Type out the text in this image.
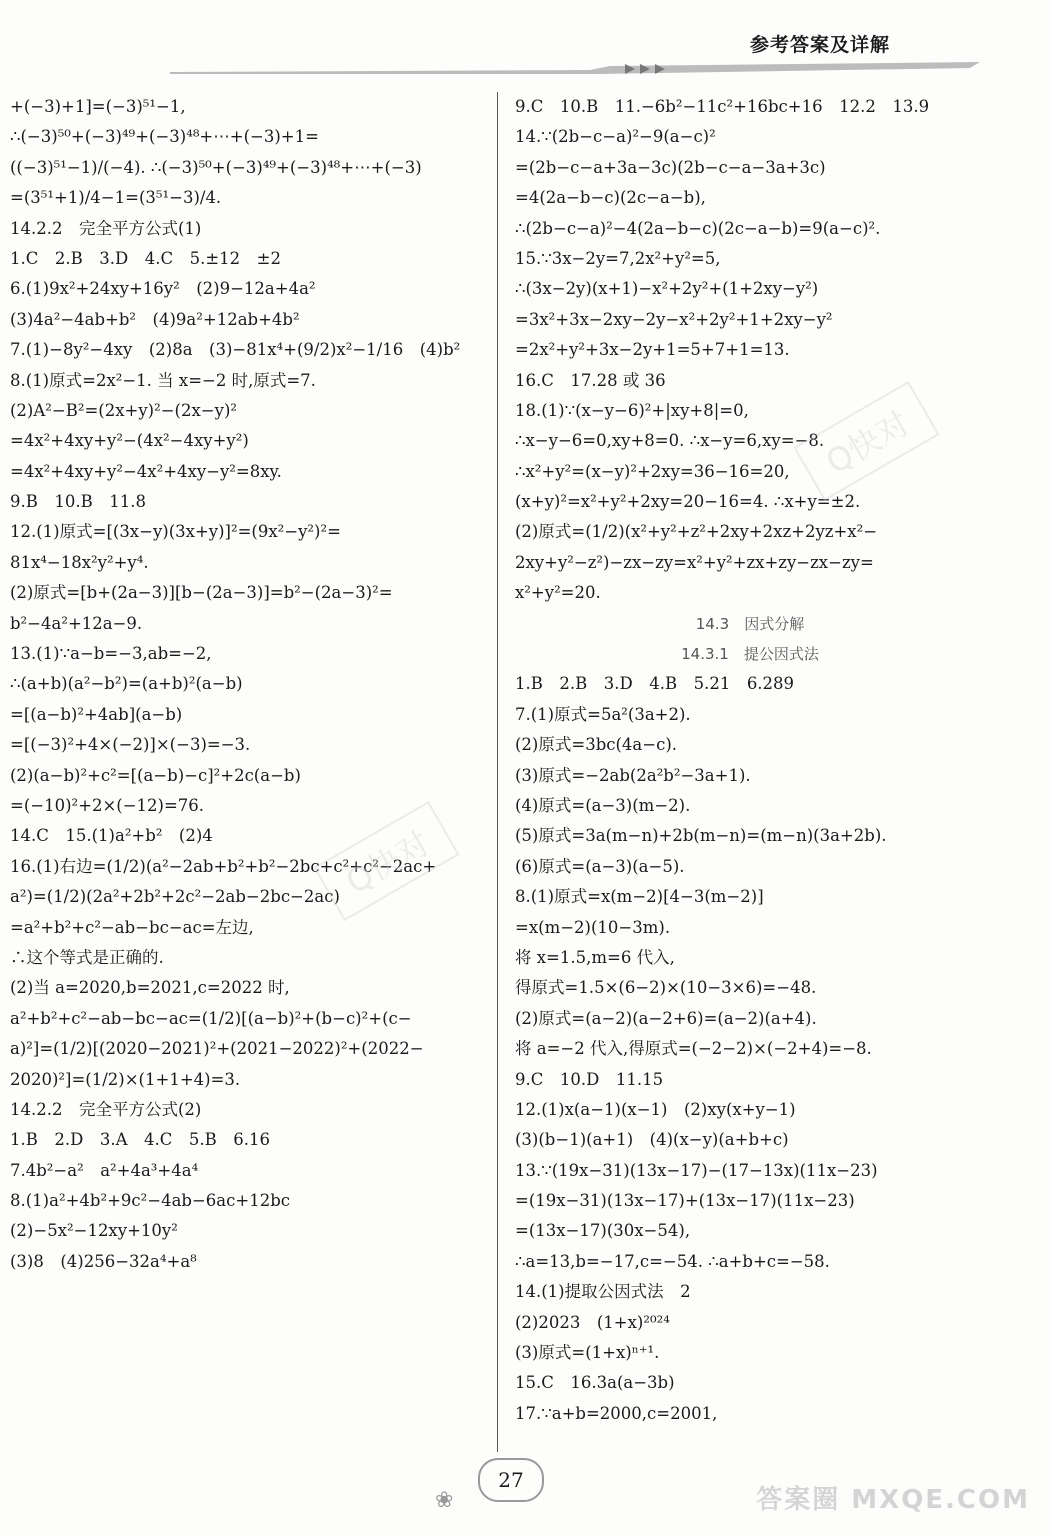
参考答案及详解
+(−3)+1]=(−3)⁵¹−1,
∴(−3)⁵⁰+(−3)⁴⁹+(−3)⁴⁸+⋯+(−3)+1=
((−3)⁵¹−1)/(−4). ∴(−3)⁵⁰+(−3)⁴⁹+(−3)⁴⁸+⋯+(−3)
=(3⁵¹+1)/4−1=(3⁵¹−3)/4.
14.2.2　完全平方公式(1)
1.C　2.B　3.D　4.C　5.±12　±2
6.(1)9x²+24xy+16y²　(2)9−12a+4a²
(3)4a²−4ab+b²　(4)9a²+12ab+4b²
7.(1)−8y²−4xy　(2)8a　(3)−81x⁴+(9/2)x²−1/16　(4)b²
8.(1)原式=2x²−1. 当 x=−2 时,原式=7.
(2)A²−B²=(2x+y)²−(2x−y)²
=4x²+4xy+y²−(4x²−4xy+y²)
=4x²+4xy+y²−4x²+4xy−y²=8xy.
9.B　10.B　11.8
12.(1)原式=[(3x−y)(3x+y)]²=(9x²−y²)²=
81x⁴−18x²y²+y⁴.
(2)原式=[b+(2a−3)][b−(2a−3)]=b²−(2a−3)²=
b²−4a²+12a−9.
13.(1)∵a−b=−3,ab=−2,
∴(a+b)(a²−b²)=(a+b)²(a−b)
=[(a−b)²+4ab](a−b)
=[(−3)²+4×(−2)]×(−3)=−3.
(2)(a−b)²+c²=[(a−b)−c]²+2c(a−b)
=(−10)²+2×(−12)=76.
14.C　15.(1)a²+b²　(2)4
16.(1)右边=(1/2)(a²−2ab+b²+b²−2bc+c²+c²−2ac+
a²)=(1/2)(2a²+2b²+2c²−2ab−2bc−2ac)
=a²+b²+c²−ab−bc−ac=左边,
∴这个等式是正确的.
(2)当 a=2020,b=2021,c=2022 时,
a²+b²+c²−ab−bc−ac=(1/2)[(a−b)²+(b−c)²+(c−
a)²]=(1/2)[(2020−2021)²+(2021−2022)²+(2022−
2020)²]=(1/2)×(1+1+4)=3.
14.2.2　完全平方公式(2)
1.B　2.D　3.A　4.C　5.B　6.16
7.4b²−a²　a²+4a³+4a⁴
8.(1)a²+4b²+9c²−4ab−6ac+12bc
(2)−5x²−12xy+10y²
(3)8　(4)256−32a⁴+a⁸
9.C　10.B　11.−6b²−11c²+16bc+16　12.2　13.9
14.∵(2b−c−a)²−9(a−c)²
=(2b−c−a+3a−3c)(2b−c−a−3a+3c)
=4(2a−b−c)(2c−a−b),
∴(2b−c−a)²−4(2a−b−c)(2c−a−b)=9(a−c)².
15.∵3x−2y=7,2x²+y²=5,
∴(3x−2y)(x+1)−x²+2y²+(1+2xy−y²)
=3x²+3x−2xy−2y−x²+2y²+1+2xy−y²
=2x²+y²+3x−2y+1=5+7+1=13.
16.C　17.28 或 36
18.(1)∵(x−y−6)²+|xy+8|=0,
∴x−y−6=0,xy+8=0. ∴x−y=6,xy=−8.
∴x²+y²=(x−y)²+2xy=36−16=20,
(x+y)²=x²+y²+2xy=20−16=4. ∴x+y=±2.
(2)原式=(1/2)(x²+y²+z²+2xy+2xz+2yz+x²−
2xy+y²−z²)−zx−zy=x²+y²+zx+zy−zx−zy=
x²+y²=20.
14.3　因式分解
14.3.1　提公因式法
1.B　2.B　3.D　4.B　5.21　6.289
7.(1)原式=5a²(3a+2).
(2)原式=3bc(4a−c).
(3)原式=−2ab(2a²b²−3a+1).
(4)原式=(a−3)(m−2).
(5)原式=3a(m−n)+2b(m−n)=(m−n)(3a+2b).
(6)原式=(a−3)(a−5).
8.(1)原式=x(m−2)[4−3(m−2)]
=x(m−2)(10−3m).
将 x=1.5,m=6 代入,
得原式=1.5×(6−2)×(10−3×6)=−48.
(2)原式=(a−2)(a−2+6)=(a−2)(a+4).
将 a=−2 代入,得原式=(−2−2)×(−2+4)=−8.
9.C　10.D　11.15
12.(1)x(a−1)(x−1)　(2)xy(x+y−1)
(3)(b−1)(a+1)　(4)(x−y)(a+b+c)
13.∵(19x−31)(13x−17)−(17−13x)(11x−23)
=(19x−31)(13x−17)+(13x−17)(11x−23)
=(13x−17)(30x−54),
∴a=13,b=−17,c=−54. ∴a+b+c=−58.
14.(1)提取公因式法　2
(2)2023　(1+x)²⁰²⁴
(3)原式=(1+x)ⁿ⁺¹.
15.C　16.3a(a−3b)
17.∵a+b=2000,c=2001,
Q快对
Q快对
❀
27
答案圈 MXQE.COM
